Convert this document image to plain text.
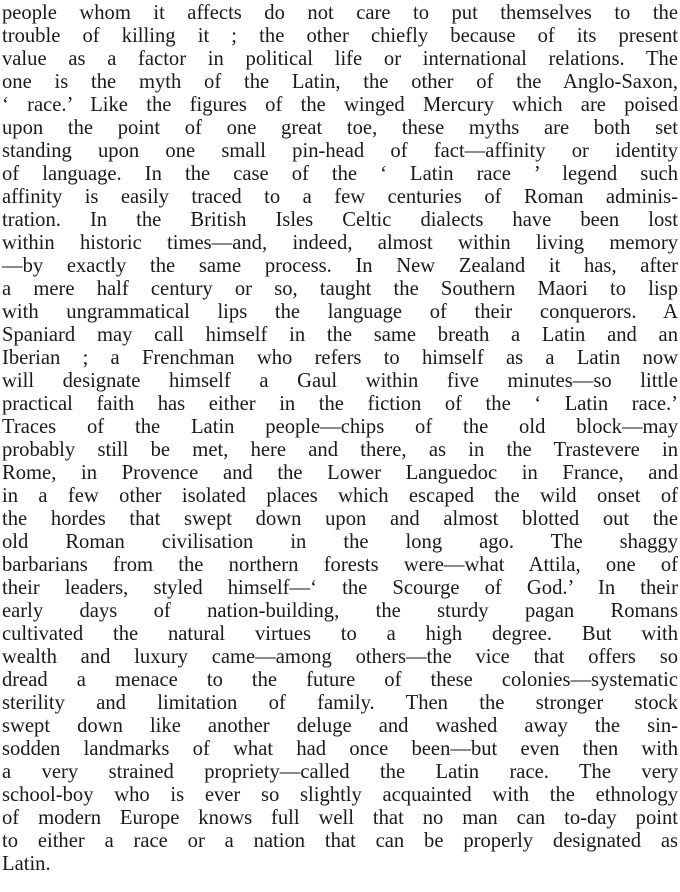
people whom it affects do not care to put themselves to the
trouble of killing it ; the other chiefly because of its present
value as a factor in political life or international relations. The
one is the myth of the Latin, the other of the Anglo-Saxon,
‘ race.’ Like the figures of the winged Mercury which are poised
upon the point of one great toe, these myths are both set
standing upon one small pin-head of fact—affinity or identity
of language. In the case of the ‘ Latin race ’ legend such
affinity is easily traced to a few centuries of Roman adminis-
tration. In the British Isles Celtic dialects have been lost
within historic times—and, indeed, almost within living memory
—by exactly the same process. In New Zealand it has, after
a mere half century or so, taught the Southern Maori to lisp
with ungrammatical lips the language of their conquerors. A
Spaniard may call himself in the same breath a Latin and an
Iberian ; a Frenchman who refers to himself as a Latin now
will designate himself a Gaul within five minutes—so little
practical faith has either in the fiction of the ‘ Latin race.’
Traces of the Latin people—chips of the old block—may
probably still be met, here and there, as in the Trastevere in
Rome, in Provence and the Lower Languedoc in France, and
in a few other isolated places which escaped the wild onset of
the hordes that swept down upon and almost blotted out the
old Roman civilisation in the long ago. The shaggy
barbarians from the northern forests were—what Attila, one of
their leaders, styled himself—‘ the Scourge of God.’ In their
early days of nation-building, the sturdy pagan Romans
cultivated the natural virtues to a high degree. But with
wealth and luxury came—among others—the vice that offers so
dread a menace to the future of these colonies—systematic
sterility and limitation of family. Then the stronger stock
swept down like another deluge and washed away the sin-
sodden landmarks of what had once been—but even then with
a very strained propriety—called the Latin race. The very
school-boy who is ever so slightly acquainted with the ethnology
of modern Europe knows full well that no man can to-day point
to either a race or a nation that can be properly designated as
Latin.
